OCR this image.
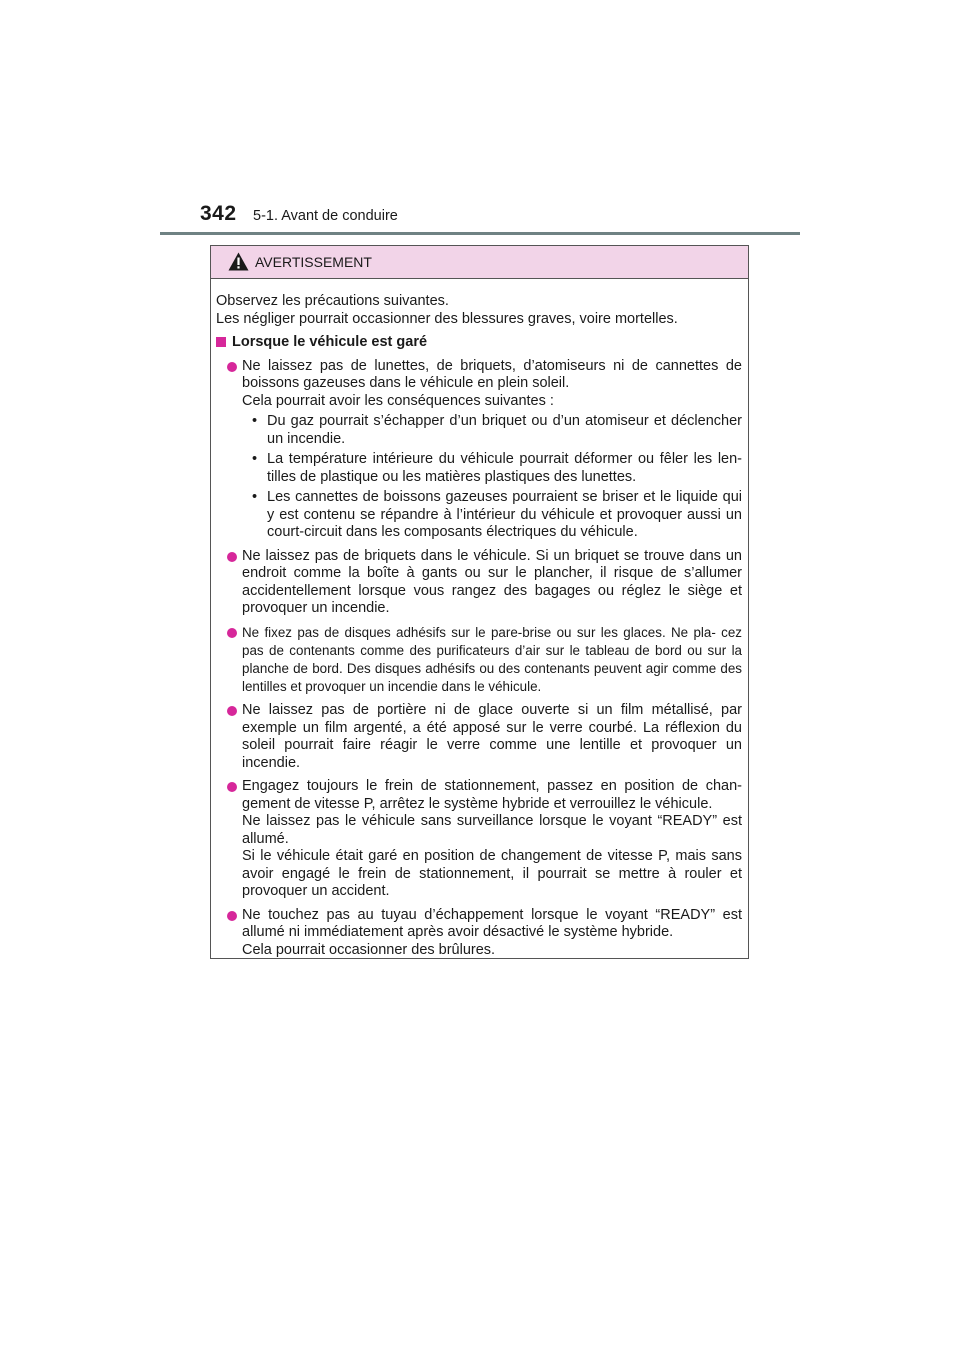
342 5-1. Avant de conduire
AVERTISSEMENT

Observez les précautions suivantes.

Les négliger pourrait occasionner des blessures graves, voire mortelles.

Lorsque le véhicule est garé

Ne laissez pas de lunettes, de briquets, d’atomiseurs ni de cannettes de boissons gazeuses dans le véhicule en plein soleil.

Cela pourrait avoir les conséquences suivantes :

• Du gaz pourrait s’échapper d’un briquet ou d’un atomiseur et déclencher un incendie.
• La température intérieure du véhicule pourrait déformer ou fêler les len- tilles de plastique ou les matières plastiques des lunettes.
• Les cannettes de boissons gazeuses pourraient se briser et le liquide qui y est contenu se répandre à l’intérieur du véhicule et provoquer aussi un court-circuit dans les composants électriques du véhicule.

Ne laissez pas de briquets dans le véhicule. Si un briquet se trouve dans un endroit comme la boîte à gants ou sur le plancher, il risque de s’allumer accidentellement lorsque vous rangez des bagages ou réglez le siège et provoquer un incendie.

Ne fixez pas de disques adhésifs sur le pare-brise ou sur les glaces. Ne pla- cez pas de contenants comme des purificateurs d’air sur le tableau de bord ou sur la planche de bord. Des disques adhésifs ou des contenants peuvent agir comme des lentilles et provoquer un incendie dans le véhicule.

Ne laissez pas de portière ni de glace ouverte si un film métallisé, par exemple un film argenté, a été apposé sur le verre courbé. La réflexion du soleil pourrait faire réagir le verre comme une lentille et provoquer un incendie.

Engagez toujours le frein de stationnement, passez en position de chan- gement de vitesse P, arrêtez le système hybride et verrouillez le véhicule.

Ne laissez pas le véhicule sans surveillance lorsque le voyant “READY” est allumé.

Si le véhicule était garé en position de changement de vitesse P, mais sans avoir engagé le frein de stationnement, il pourrait se mettre à rouler et provoquer un accident.

Ne touchez pas au tuyau d’échappement lorsque le voyant “READY” est allumé ni immédiatement après avoir désactivé le système hybride.

Cela pourrait occasionner des brûlures.
